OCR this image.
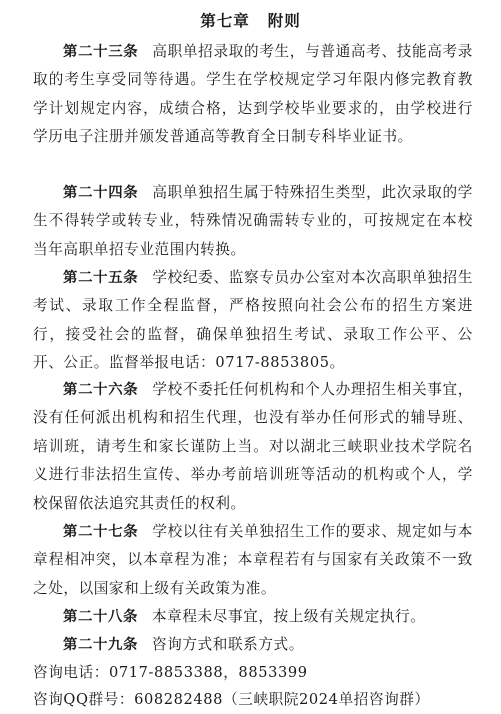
第七章 附则

第二十三条 高职单招录取的考生，与普通高考、技能高考录取的考生享受同等待遇。学生在学校规定学习年限内修完教育教学计划规定内容，成绩合格，达到学校毕业要求的，由学校进行学历电子注册并颁发普通高等教育全日制专科毕业证书。

第二十四条 高职单独招生属于特殊招生类型，此次录取的学生不得转学或转专业，特殊情况确需转专业的，可按规定在本校当年高职单招专业范围内转换。

第二十五条 学校纪委、监察专员办公室对本次高职单独招生考试、录取工作全程监督，严格按照向社会公布的招生方案进行，接受社会的监督，确保单独招生考试、录取工作公平、公开、公正。监督举报电话：0717-8853805。

第二十六条 学校不委托任何机构和个人办理招生相关事宜，没有任何派出机构和招生代理，也没有举办任何形式的辅导班、培训班，请考生和家长谨防上当。对以湖北三峡职业技术学院名义进行非法招生宣传、举办考前培训班等活动的机构或个人，学校保留依法追究其责任的权利。

第二十七条 学校以往有关单独招生工作的要求、规定如与本章程相冲突，以本章程为准；本章程若有与国家有关政策不一致之处，以国家和上级有关政策为准。

第二十八条 本章程未尽事宜，按上级有关规定执行。

第二十九条 咨询方式和联系方式。

咨询电话：0717-8853388，8853399

咨询QQ群号：608282488（三峡职院2024单招咨询群）
